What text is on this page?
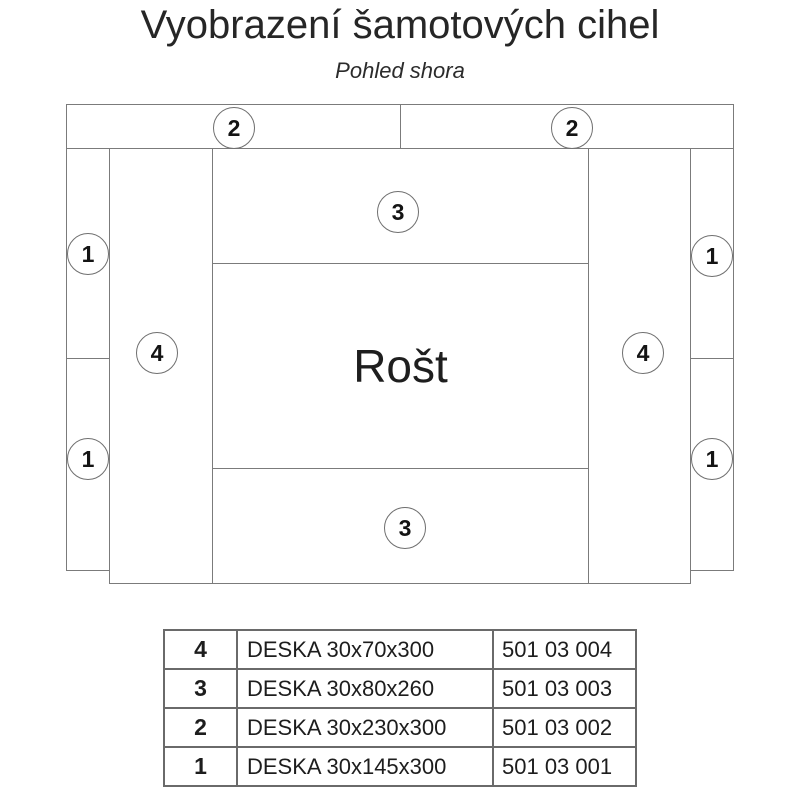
Vyobrazení šamotových cihel
Pohled shora
Rošt
2	2
3
3
4	4
1
1
1
1
4	DESKA 30x70x300	501 03 004
3	DESKA 30x80x260	501 03 003
2	DESKA 30x230x300	501 03 002
1	DESKA 30x145x300	501 03 001
